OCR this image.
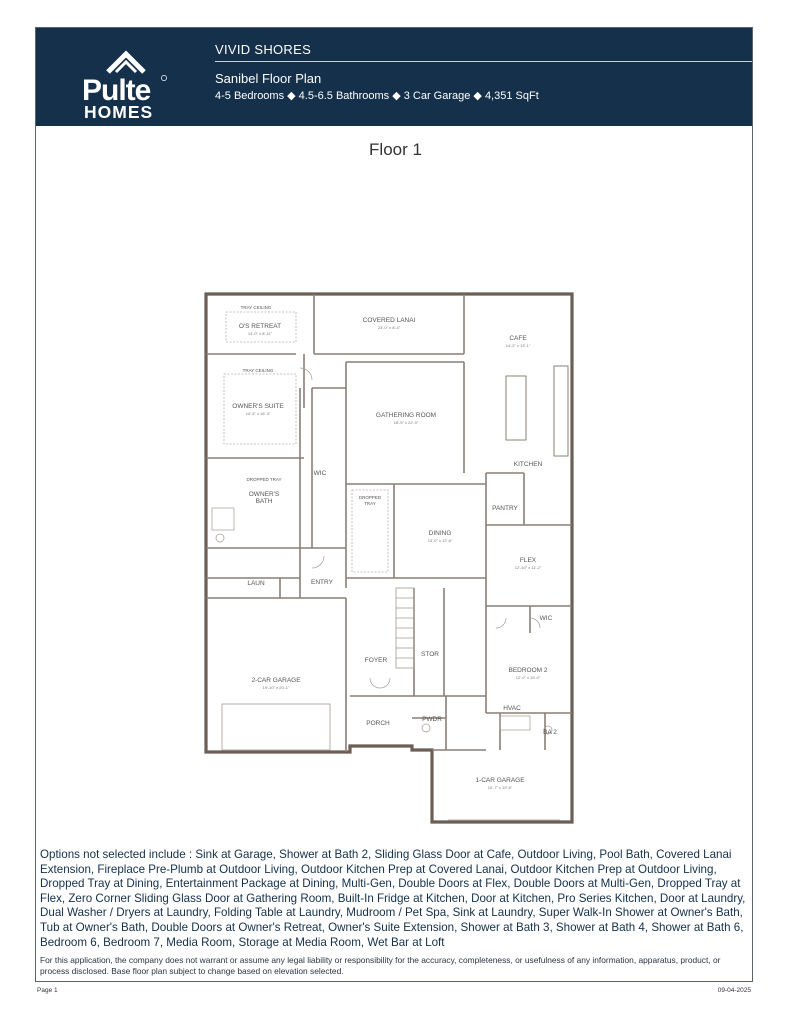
Pulte
HOMES
VIVID SHORES
Sanibel Floor Plan
4-5 Bedrooms ◆ 4.5-6.5 Bathrooms ◆ 3 Car Garage ◆ 4,351 SqFt
Floor 1
TRAY CEILING
O'S RETREAT
14'-0" x 8'-11"
COVERED LANAI
23'-0" x 8'-4"
CAFE
14'-2" x 13'-1"
TRAY CEILING
OWNER'S SUITE
14'-5" x 16'-3"	GATHERING ROOM
18'-9" x 22'-9"
KITCHEN
WIC
DROPPED TRAY
OWNER'S
BATH
PANTRY
DROPPED
TRAY
DINING
13'-0" x 12'-6"
FLEX
12'-10" x 11'-2"
LAUN	ENTRY
WIC
2-CAR GARAGE
19'-10" x 20'-1"
FOYER
STOR
BEDROOM 2
12'-0" x 15'-0"
HVAC
PORCH
PWDR
BA 2
1-CAR GARAGE
10'-7" x 19'-6"
Options not selected include : Sink at Garage, Shower at Bath 2, Sliding Glass Door at Cafe, Outdoor Living, Pool Bath, Covered Lanai Extension, Fireplace Pre-Plumb at Outdoor Living, Outdoor Kitchen Prep at Covered Lanai, Outdoor Kitchen Prep at Outdoor Living, Dropped Tray at Dining, Entertainment Package at Dining, Multi-Gen, Double Doors at Flex, Double Doors at Multi-Gen, Dropped Tray at Flex, Zero Corner Sliding Glass Door at Gathering Room, Built-In Fridge at Kitchen, Door at Kitchen, Pro Series Kitchen, Door at Laundry, Dual Washer / Dryers at Laundry, Folding Table at Laundry, Mudroom / Pet Spa, Sink at Laundry, Super Walk-In Shower at Owner's Bath, Tub at Owner's Bath, Double Doors at Owner's Retreat, Owner's Suite Extension, Shower at Bath 3, Shower at Bath 4, Shower at Bath 6, Bedroom 6, Bedroom 7, Media Room, Storage at Media Room, Wet Bar at Loft
For this application, the company does not warrant or assume any legal liability or responsibility for the accuracy, completeness, or usefulness of any information, apparatus, product, or process disclosed. Base floor plan subject to change based on elevation selected.
Page 1	09-04-2025
